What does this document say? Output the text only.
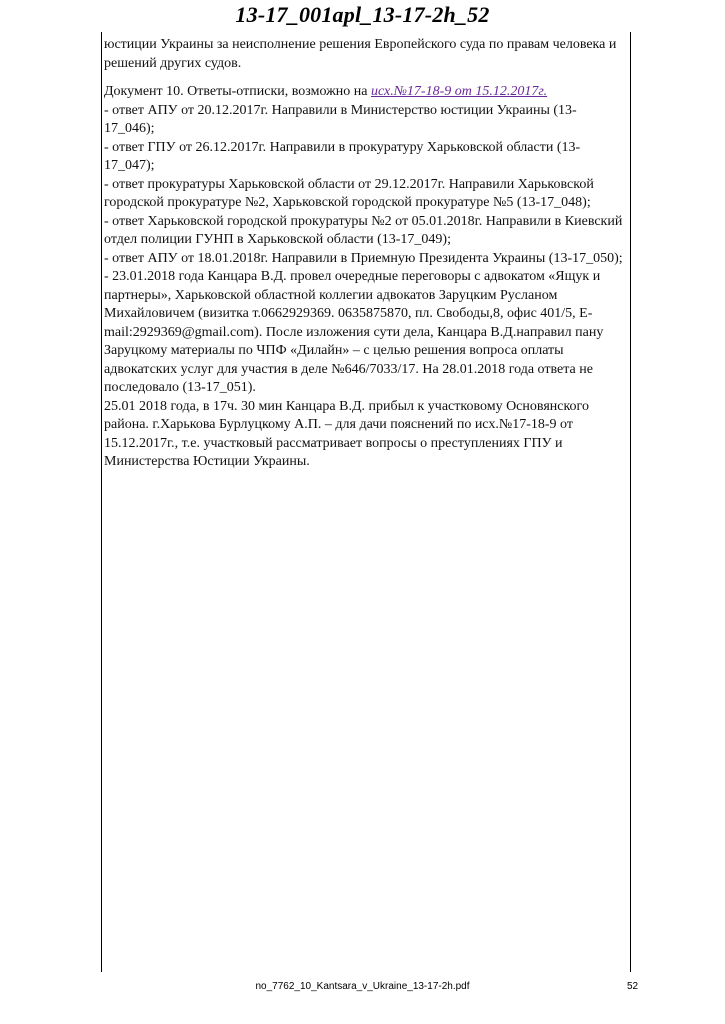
13-17_001apl_13-17-2h_52

юстиции Украины за неисполнение решения Европейского суда по правам человека и решений других судов.

Документ 10. Ответы-отписки, возможно на исх.№17-18-9 от 15.12.2017г.

- ответ АПУ от 20.12.2017г. Направили в Министерство юстиции Украины (13-17_046);

- ответ ГПУ от 26.12.2017г. Направили в прокуратуру Харьковской области (13-17_047);

- ответ прокуратуры Харьковской области от 29.12.2017г. Направили Харьковской городской прокуратуре №2, Харьковской городской прокуратуре №5 (13-17_048);

- ответ Харьковской городской прокуратуры №2 от 05.01.2018г. Направили в Киевский отдел полиции ГУНП в Харьковской области (13-17_049);

- ответ АПУ от 18.01.2018г. Направили в Приемную Президента Украины (13-17_050);

- 23.01.2018 года Канцара В.Д. провел очередные переговоры с адвокатом «Ящук и партнеры», Харьковской областной коллегии адвокатов Заруцким Русланом Михайловичем (визитка т.0662929369. 0635875870, пл. Свободы,8, офис 401/5, E-mail:2929369@gmail.com). После изложения сути дела, Канцара В.Д.направил пану Заруцкому материалы по ЧПФ «Дилайн» – с целью решения вопроса оплаты адвокатских услуг для участия в деле №646/7033/17. На 28.01.2018 года ответа не последовало (13-17_051).

25.01 2018 года, в 17ч. 30 мин Канцара В.Д. прибыл к участковому Основянского района. г.Харькова Бурлуцкому А.П. – для дачи пояснений по исх.№17-18-9 от 15.12.2017г., т.е. участковый рассматривает вопросы о преступлениях ГПУ и Министерства Юстиции Украины.

no_7762_10_Kantsara_v_Ukraine_13-17-2h.pdf	52
